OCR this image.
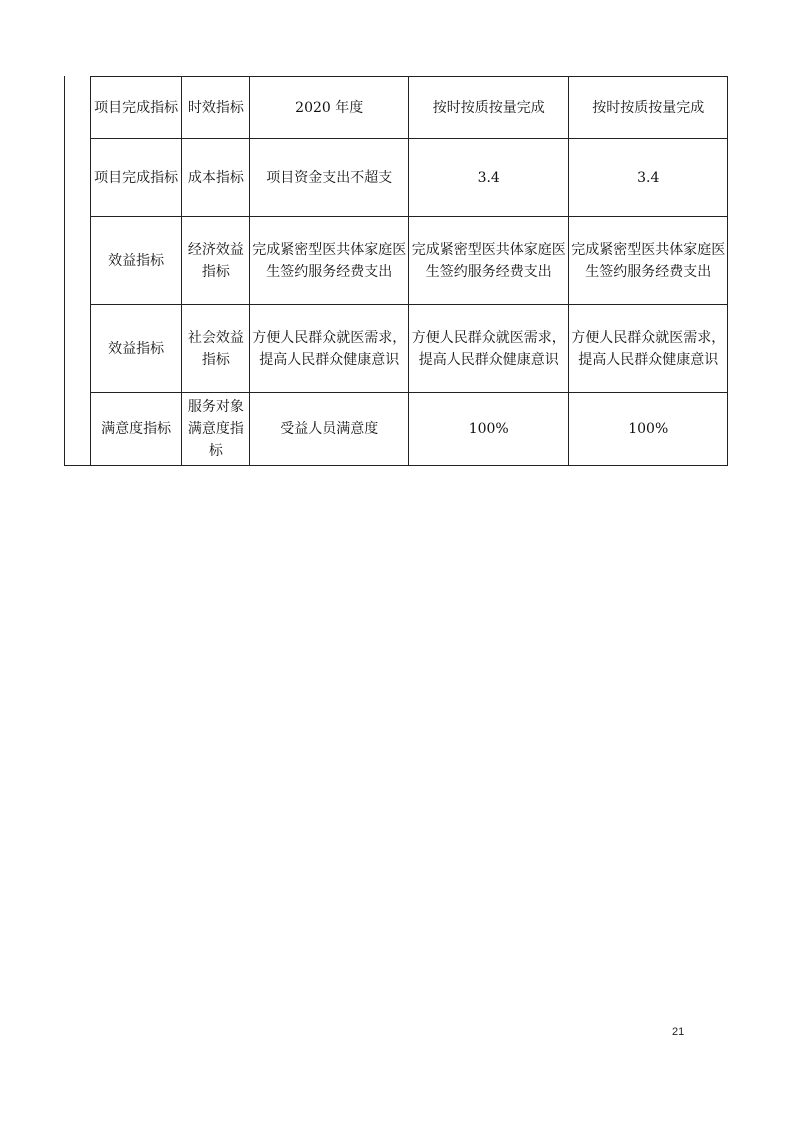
项目完成指标	时效指标	2020 年度	按时按质按量完成	按时按质按量完成
项目完成指标	成本指标	项目资金支出不超支	3.4	3.4
效益指标	经济效益指标	完成紧密型医共体家庭医生签约服务经费支出	完成紧密型医共体家庭医生签约服务经费支出	完成紧密型医共体家庭医生签约服务经费支出
效益指标	社会效益指标	方便人民群众就医需求，提高人民群众健康意识	方便人民群众就医需求，提高人民群众健康意识	方便人民群众就医需求，提高人民群众健康意识
满意度指标	服务对象满意度指标	受益人员满意度	100%	100%
21
